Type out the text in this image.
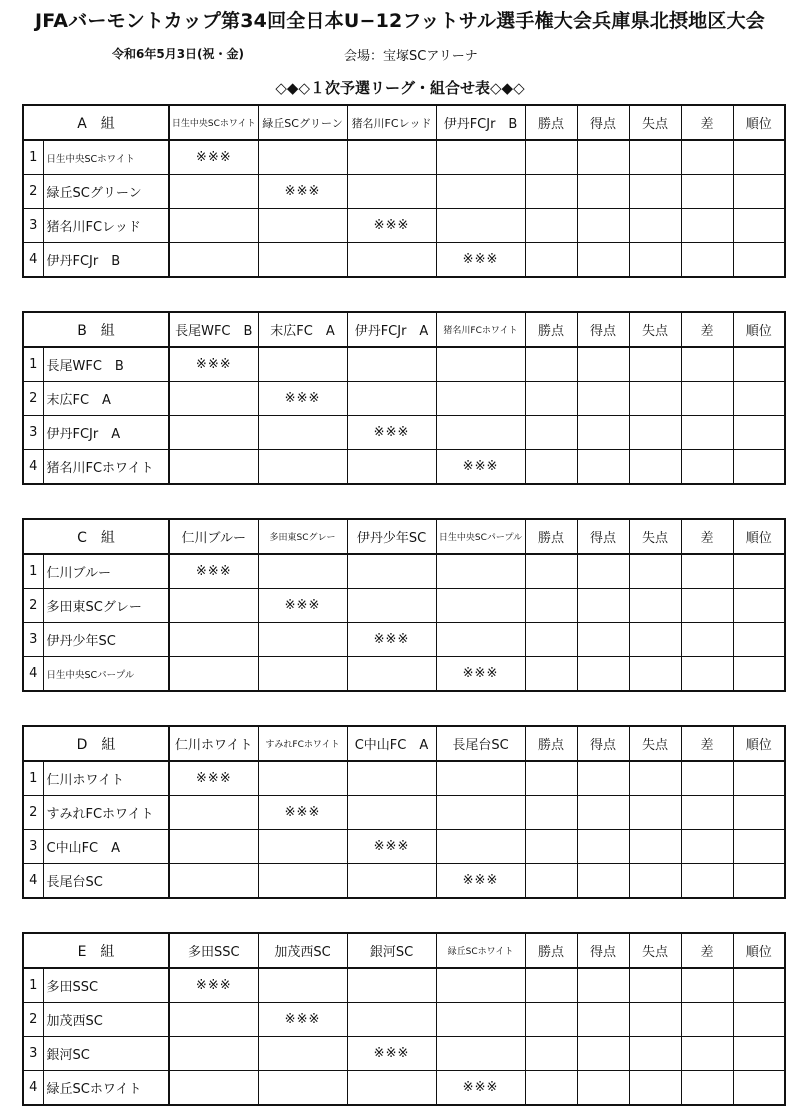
JFAバーモントカップ第34回全日本U−12フットサル選手権大会兵庫県北摂地区大会
令和6年5月3日(祝・金)	会場：宝塚SCアリーナ
◇◆◇１次予選リーグ・組合せ表◇◆◇
A　組		日生中央SCホワイト	緑丘SCグリーン	猪名川FCレッド	伊丹FCJr　B	勝点	得点	失点	差	順位
1	日生中央SCホワイト	※※※								
2	緑丘SCグリーン		※※※							
3	猪名川FCレッド			※※※						
4	伊丹FCJr　B				※※※					
B　組		長尾WFC　B	末広FC　A	伊丹FCJr　A	猪名川FCホワイト	勝点	得点	失点	差	順位
1	長尾WFC　B	※※※								
2	末広FC　A		※※※							
3	伊丹FCJr　A			※※※						
4	猪名川FCホワイト				※※※					
C　組		仁川ブルー	多田東SCグレー	伊丹少年SC	日生中央SCパープル	勝点	得点	失点	差	順位
1	仁川ブルー	※※※								
2	多田東SCグレー		※※※							
3	伊丹少年SC			※※※						
4	日生中央SCパープル				※※※					
D　組		仁川ホワイト	すみれFCホワイト	C中山FC　A	長尾台SC	勝点	得点	失点	差	順位
1	仁川ホワイト	※※※								
2	すみれFCホワイト		※※※							
3	C中山FC　A			※※※						
4	長尾台SC				※※※					
E　組		多田SSC	加茂西SC	銀河SC	緑丘SCホワイト	勝点	得点	失点	差	順位
1	多田SSC	※※※								
2	加茂西SC		※※※							
3	銀河SC			※※※						
4	緑丘SCホワイト				※※※					
